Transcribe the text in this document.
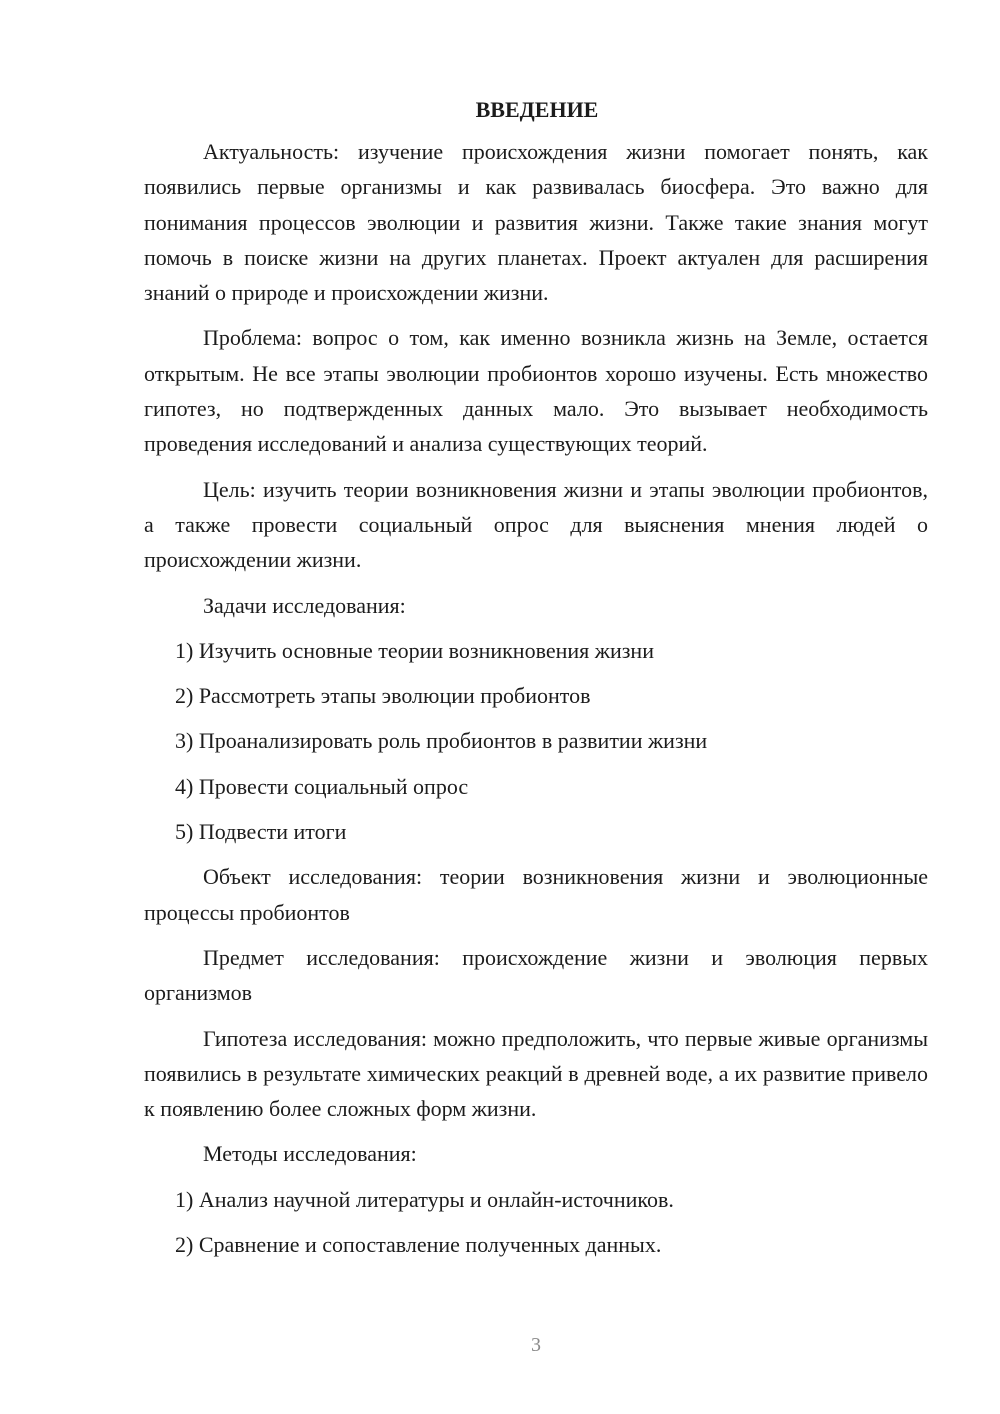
ВВЕДЕНИЕ

Актуальность: изучение происхождения жизни помогает понять, как появились первые организмы и как развивалась биосфера. Это важно для понимания процессов эволюции и развития жизни. Также такие знания могут помочь в поиске жизни на других планетах. Проект актуален для расширения знаний о природе и происхождении жизни.

Проблема: вопрос о том, как именно возникла жизнь на Земле, остается открытым. Не все этапы эволюции пробионтов хорошо изучены. Есть множество гипотез, но подтвержденных данных мало. Это вызывает необходимость проведения исследований и анализа существующих теорий.

Цель: изучить теории возникновения жизни и этапы эволюции пробионтов, а также провести социальный опрос для выяснения мнения людей о происхождении жизни.

Задачи исследования:

1) Изучить основные теории возникновения жизни
2) Рассмотреть этапы эволюции пробионтов
3) Проанализировать роль пробионтов в развитии жизни
4) Провести социальный опрос
5) Подвести итоги

Объект исследования: теории возникновения жизни и эволюционные процессы пробионтов

Предмет исследования: происхождение жизни и эволюция первых организмов

Гипотеза исследования: можно предположить, что первые живые организмы появились в результате химических реакций в древней воде, а их развитие привело к появлению более сложных форм жизни.

Методы исследования:

1) Анализ научной литературы и онлайн-источников.
2) Сравнение и сопоставление полученных данных.
3
